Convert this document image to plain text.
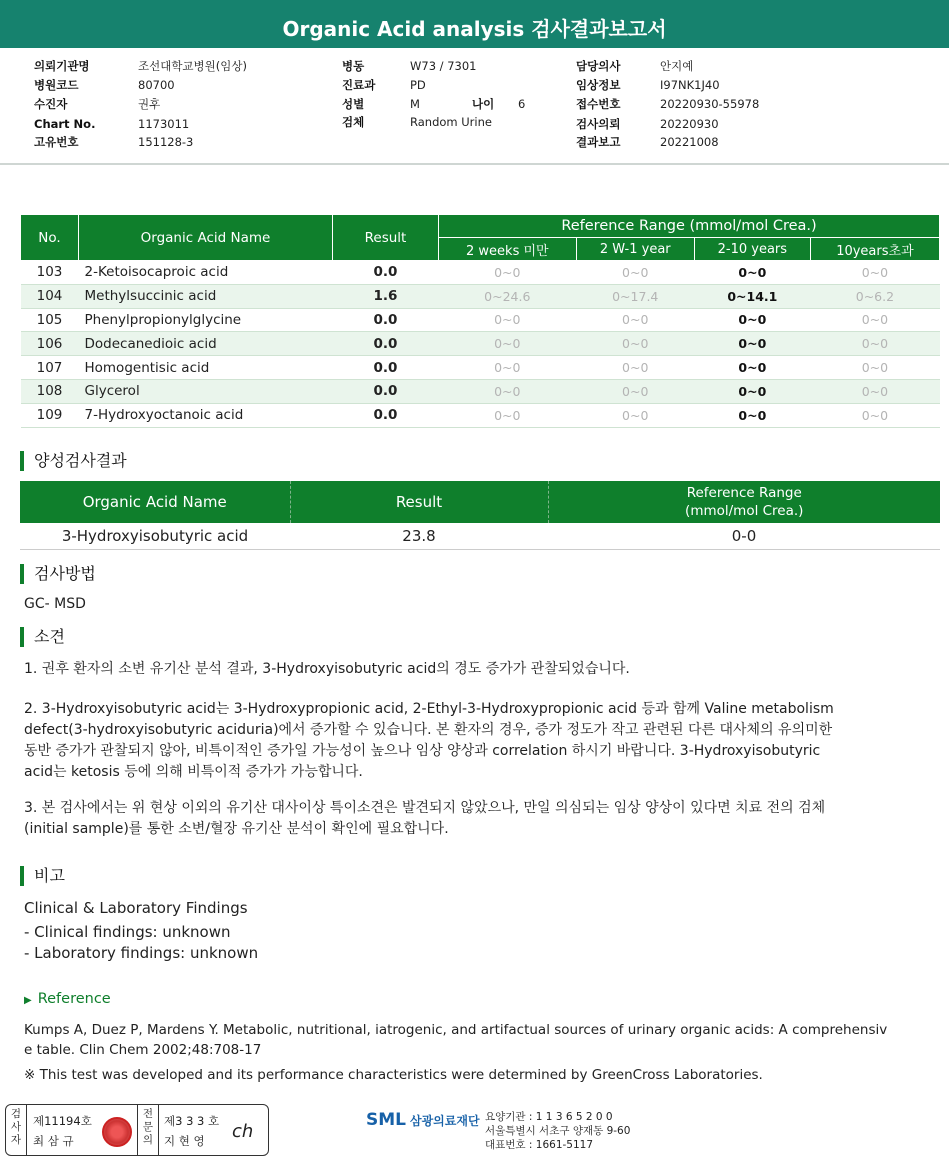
Organic Acid analysis 검사결과보고서
의뢰기관명	조선대학교병원(임상)
병원코드	80700
수진자	권후
Chart No.	1173011
고유번호	151128-3
병동	W73 / 7301
진료과	PD
성별	M	나이 6
검체	Random Urine
담당의사	안지예
임상정보	I97NK1J40
접수번호	20220930-55978
검사의뢰	20220930
결과보고	20221008
No.	Organic Acid Name	Result	Reference Range (mmol/mol Crea.)			
			2 weeks 미만	2 W-1 year	2-10 years	10years초과
103	2-Ketoisocaproic acid	0.0	0~0	0~0	0~0	0~0
104	Methylsuccinic acid	1.6	0~24.6	0~17.4	0~14.1	0~6.2
105	Phenylpropionylglycine	0.0	0~0	0~0	0~0	0~0
106	Dodecanedioic acid	0.0	0~0	0~0	0~0	0~0
107	Homogentisic acid	0.0	0~0	0~0	0~0	0~0
108	Glycerol	0.0	0~0	0~0	0~0	0~0
109	7-Hydroxyoctanoic acid	0.0	0~0	0~0	0~0	0~0
양성검사결과
Organic Acid Name	Result	Reference Range
(mmol/mol Crea.)

3-Hydroxyisobutyric acid	23.8	0-0
검사방법
GC- MSD
소견
1. 권후 환자의 소변 유기산 분석 결과, 3-Hydroxyisobutyric acid의 경도 증가가 관찰되었습니다.
2. 3-Hydroxyisobutyric acid는 3-Hydroxypropionic acid, 2-Ethyl-3-Hydroxypropionic acid 등과 함께 Valine metabolism
defect(3-hydroxyisobutyric aciduria)에서 증가할 수 있습니다. 본 환자의 경우, 증가 정도가 작고 관련된 다른 대사체의 유의미한
동반 증가가 관찰되지 않아, 비특이적인 증가일 가능성이 높으나 임상 양상과 correlation 하시기 바랍니다. 3-Hydroxyisobutyric
acid는 ketosis 등에 의해 비특이적 증가가 가능합니다.
3. 본 검사에서는 위 현상 이외의 유기산 대사이상 특이소견은 발견되지 않았으나, 만일 의심되는 임상 양상이 있다면 치료 전의 검체
(initial sample)를 통한 소변/혈장 유기산 분석이 확인에 필요합니다.
비고
Clinical & Laboratory Findings
- Clinical findings: unknown
- Laboratory findings: unknown
▶ Reference
Kumps A, Duez P, Mardens Y. Metabolic, nutritional, iatrogenic, and artifactual sources of urinary organic acids: A comprehensiv
e table. Clin Chem 2002;48:708-17
※ This test was developed and its performance characteristics were determined by GreenCross Laboratories.
검사자
제11194호
최 삼 규
전문의
제3 3 3 호
지 현 영 ch
SML 삼광의료재단 요양기관 : 1 1 3 6 5 2 0 0
서울특별시 서초구 양재동 9-60
대표번호 : 1661-5117
